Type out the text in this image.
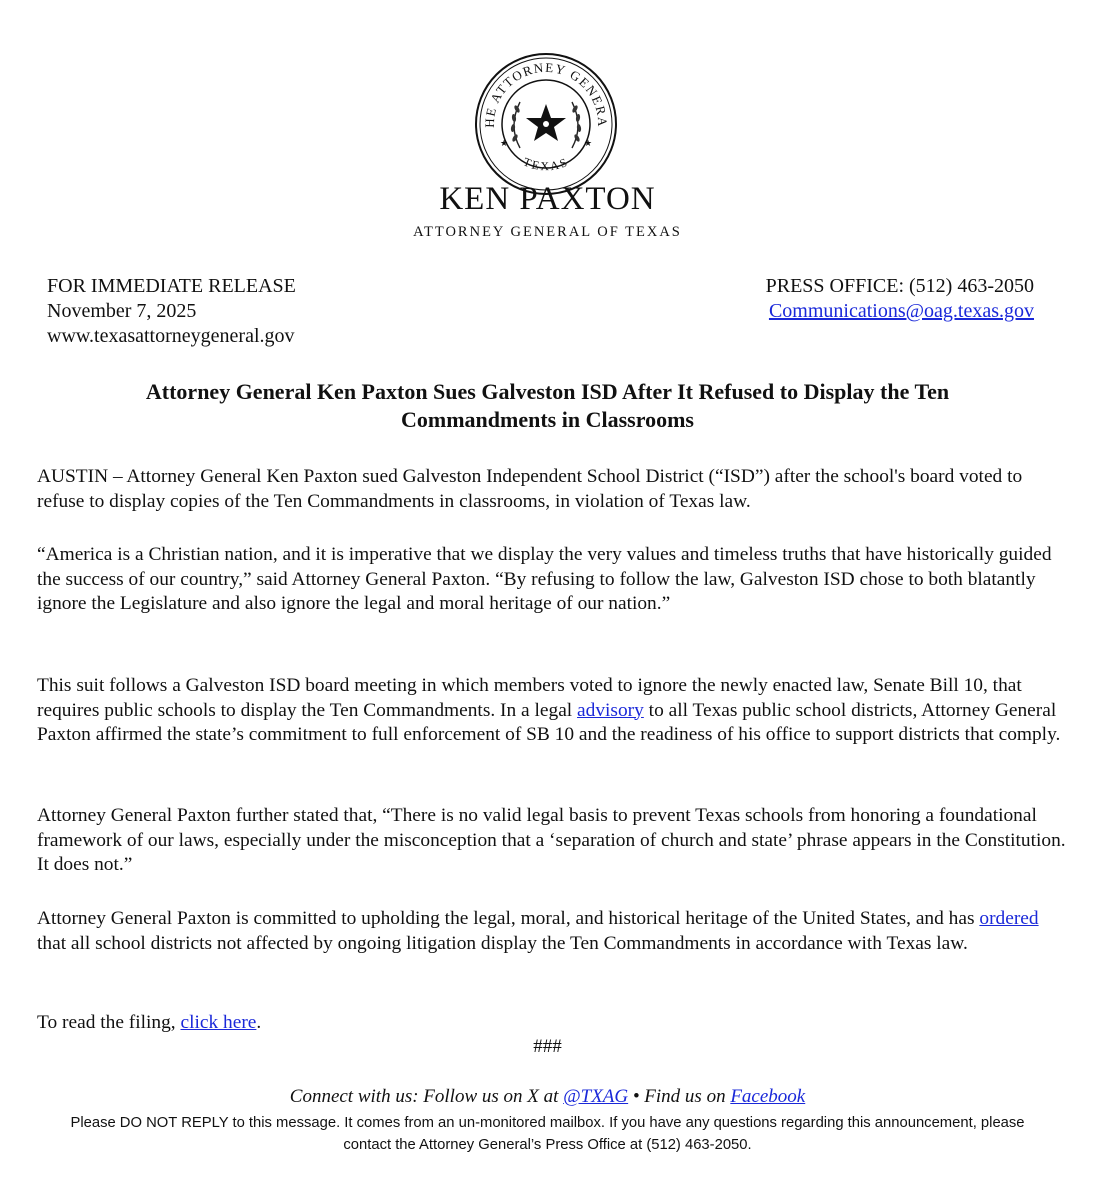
HE ATTORNEY GENERA
TEXAS
★	★
KEN PAXTON
ATTORNEY GENERAL OF TEXAS
FOR IMMEDIATE RELEASE
November 7, 2025
www.texasattorneygeneral.gov
PRESS OFFICE: (512) 463-2050
Communications@oag.texas.gov
Attorney General Ken Paxton Sues Galveston ISD After It Refused to Display the Ten
Commandments in Classrooms

AUSTIN – Attorney General Ken Paxton sued Galveston Independent School District (“ISD”) after the school's board voted to refuse to display copies of the Ten Commandments in classrooms, in violation of Texas law.

“America is a Christian nation, and it is imperative that we display the very values and timeless truths that have historically guided the success of our country,” said Attorney General Paxton. “By refusing to follow the law, Galveston ISD chose to both blatantly ignore the Legislature and also ignore the legal and moral heritage of our nation.”

This suit follows a Galveston ISD board meeting in which members voted to ignore the newly enacted law, Senate Bill 10, that requires public schools to display the Ten Commandments. In a legal advisory to all Texas public school districts, Attorney General Paxton affirmed the state’s commitment to full enforcement of SB 10 and the readiness of his office to support districts that comply.

Attorney General Paxton further stated that, “There is no valid legal basis to prevent Texas schools from honoring a foundational framework of our laws, especially under the misconception that a ‘separation of church and state’ phrase appears in the Constitution. It does not.”

Attorney General Paxton is committed to upholding the legal, moral, and historical heritage of the United States, and has ordered that all school districts not affected by ongoing litigation display the Ten Commandments in accordance with Texas law.

To read the filing, click here.

###
Connect with us: Follow us on X at @TXAG • Find us on Facebook
Please DO NOT REPLY to this message. It comes from an un-monitored mailbox. If you have any questions regarding this announcement, please contact the Attorney General’s Press Office at (512) 463-2050.
